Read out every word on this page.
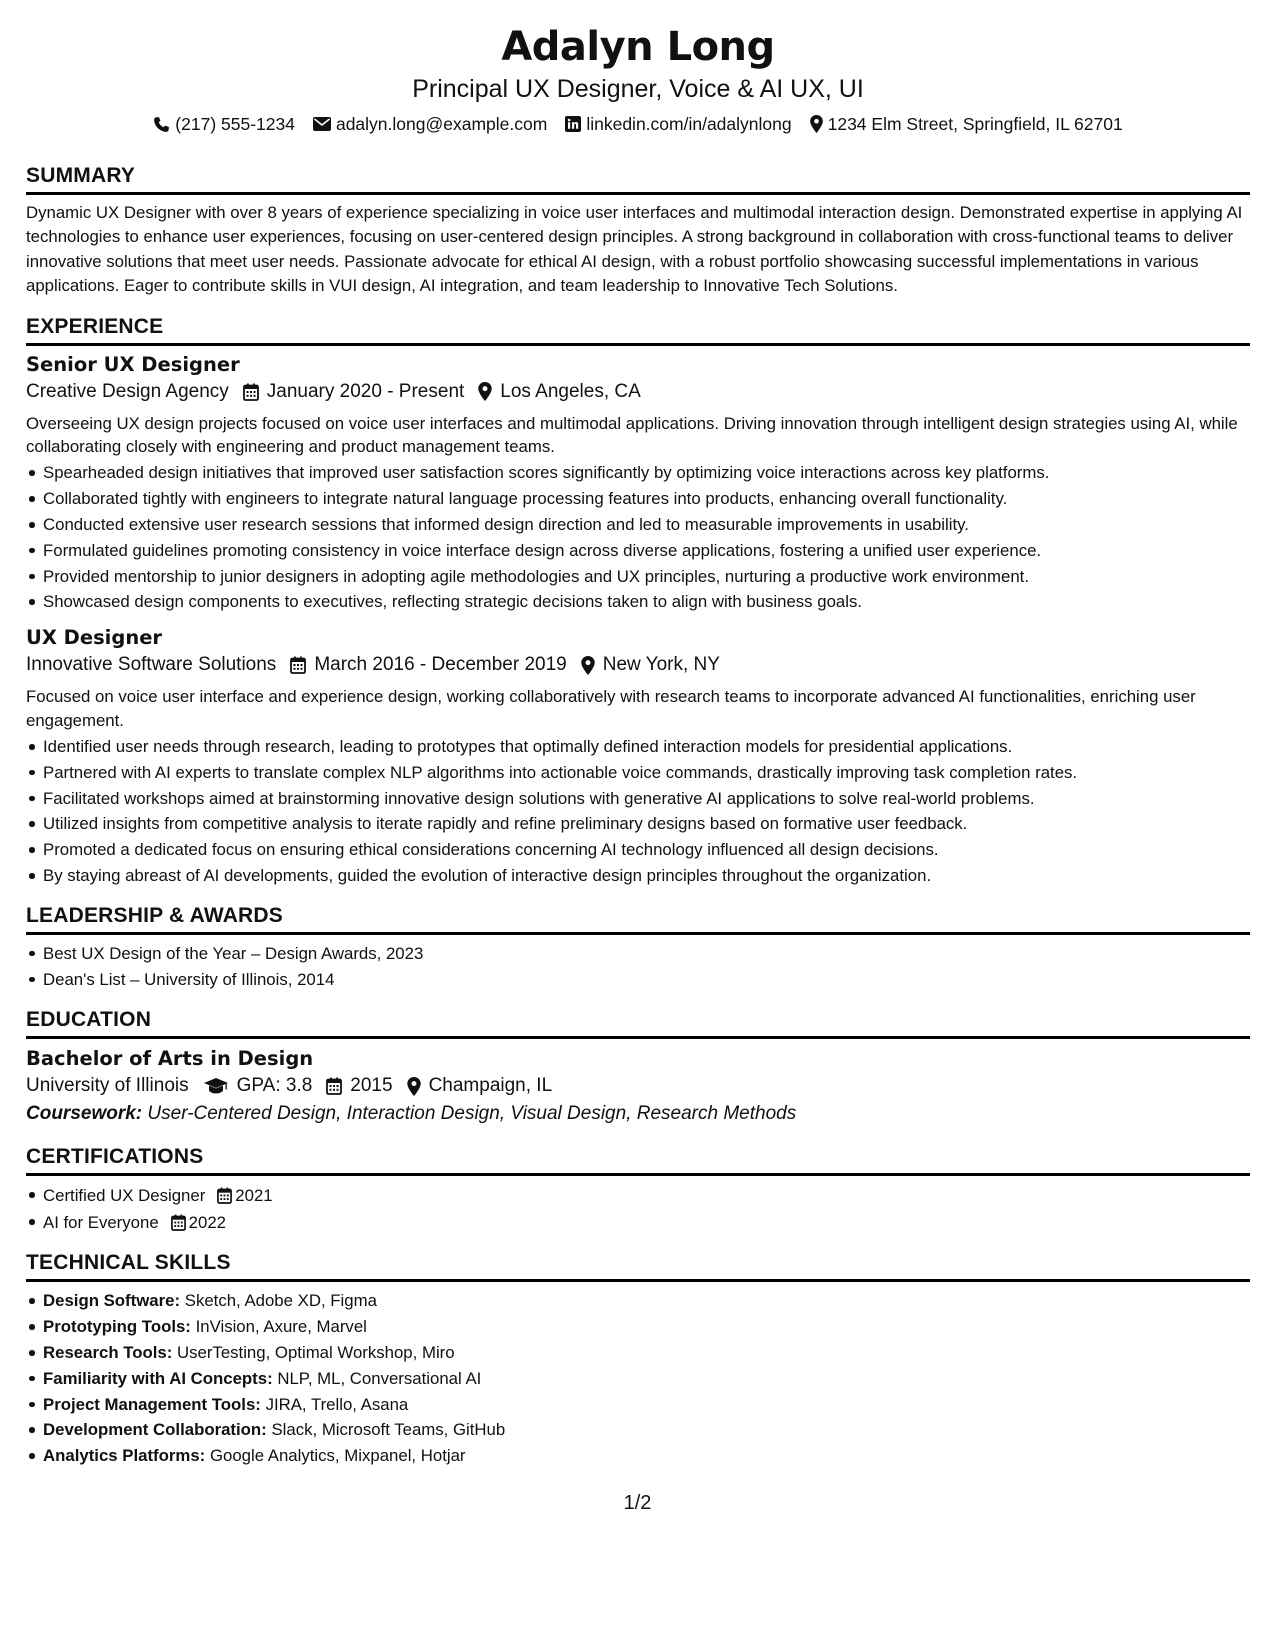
Adalyn Long
Principal UX Designer, Voice & AI UX, UI
(217) 555-1234 adalyn.long@example.com linkedin.com/in/adalynlong 1234 Elm Street, Springfield, IL 62701
SUMMARY
Dynamic UX Designer with over 8 years of experience specializing in voice user interfaces and multimodal interaction design. Demonstrated expertise in applying AI technologies to enhance user experiences, focusing on user-centered design principles. A strong background in collaboration with cross-functional teams to deliver innovative solutions that meet user needs. Passionate advocate for ethical AI design, with a robust portfolio showcasing successful implementations in various applications. Eager to contribute skills in VUI design, AI integration, and team leadership to Innovative Tech Solutions.
EXPERIENCE
Senior UX Designer
Creative Design Agency January 2020 - Present Los Angeles, CA
Overseeing UX design projects focused on voice user interfaces and multimodal applications. Driving innovation through intelligent design strategies using AI, while collaborating closely with engineering and product management teams.
Spearheaded design initiatives that improved user satisfaction scores significantly by optimizing voice interactions across key platforms.
Collaborated tightly with engineers to integrate natural language processing features into products, enhancing overall functionality.
Conducted extensive user research sessions that informed design direction and led to measurable improvements in usability.
Formulated guidelines promoting consistency in voice interface design across diverse applications, fostering a unified user experience.
Provided mentorship to junior designers in adopting agile methodologies and UX principles, nurturing a productive work environment.
Showcased design components to executives, reflecting strategic decisions taken to align with business goals.
UX Designer
Innovative Software Solutions March 2016 - December 2019 New York, NY
Focused on voice user interface and experience design, working collaboratively with research teams to incorporate advanced AI functionalities, enriching user engagement.
Identified user needs through research, leading to prototypes that optimally defined interaction models for presidential applications.
Partnered with AI experts to translate complex NLP algorithms into actionable voice commands, drastically improving task completion rates.
Facilitated workshops aimed at brainstorming innovative design solutions with generative AI applications to solve real-world problems.
Utilized insights from competitive analysis to iterate rapidly and refine preliminary designs based on formative user feedback.
Promoted a dedicated focus on ensuring ethical considerations concerning AI technology influenced all design decisions.
By staying abreast of AI developments, guided the evolution of interactive design principles throughout the organization.
LEADERSHIP & AWARDS
Best UX Design of the Year – Design Awards, 2023
Dean's List – University of Illinois, 2014
EDUCATION
Bachelor of Arts in Design
University of Illinois	GPA: 3.8 2015 Champaign, IL
Coursework: User-Centered Design, Interaction Design, Visual Design, Research Methods
CERTIFICATIONS
Certified UX Designer 2021
AI for Everyone 2022
TECHNICAL SKILLS
Design Software: Sketch, Adobe XD, Figma
Prototyping Tools: InVision, Axure, Marvel
Research Tools: UserTesting, Optimal Workshop, Miro
Familiarity with AI Concepts: NLP, ML, Conversational AI
Project Management Tools: JIRA, Trello, Asana
Development Collaboration: Slack, Microsoft Teams, GitHub
Analytics Platforms: Google Analytics, Mixpanel, Hotjar
1/2
